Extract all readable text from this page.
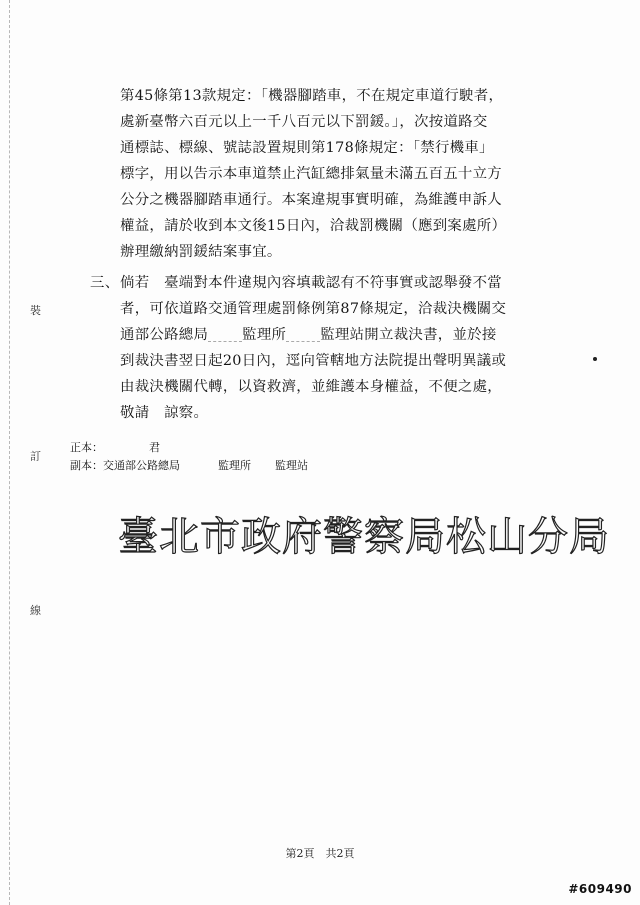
裝
訂
線
第45條第13款規定：「機器腳踏車，不在規定車道行駛者，
處新臺幣六百元以上一千八百元以下罰鍰。」，次按道路交
通標誌、標線、號誌設置規則第178條規定：「禁行機車」
標字，用以告示本車道禁止汽缸總排氣量未滿五百五十立方
公分之機器腳踏車通行。本案違規事實明確，為維護申訴人
權益，請於收到本文後15日內，洽裁罰機關（應到案處所）
辦理繳納罰鍰結案事宜。
三、 倘若　臺端對本件違規內容填載認有不符事實或認舉發不當
者，可依道路交通管理處罰條例第87條規定，洽裁決機關交
通部公路總局 監理所 監理站開立裁決書，並於接
到裁決書翌日起20日內，逕向管轄地方法院提出聲明異議或
由裁決機關代轉，以資救濟，並維護本身權益，不便之處，
敬請　諒察。
正本：	君
副本：交通部公路總局	監理所 監理站
臺北市政府警察局松山分局
第2頁　共2頁
#609490
